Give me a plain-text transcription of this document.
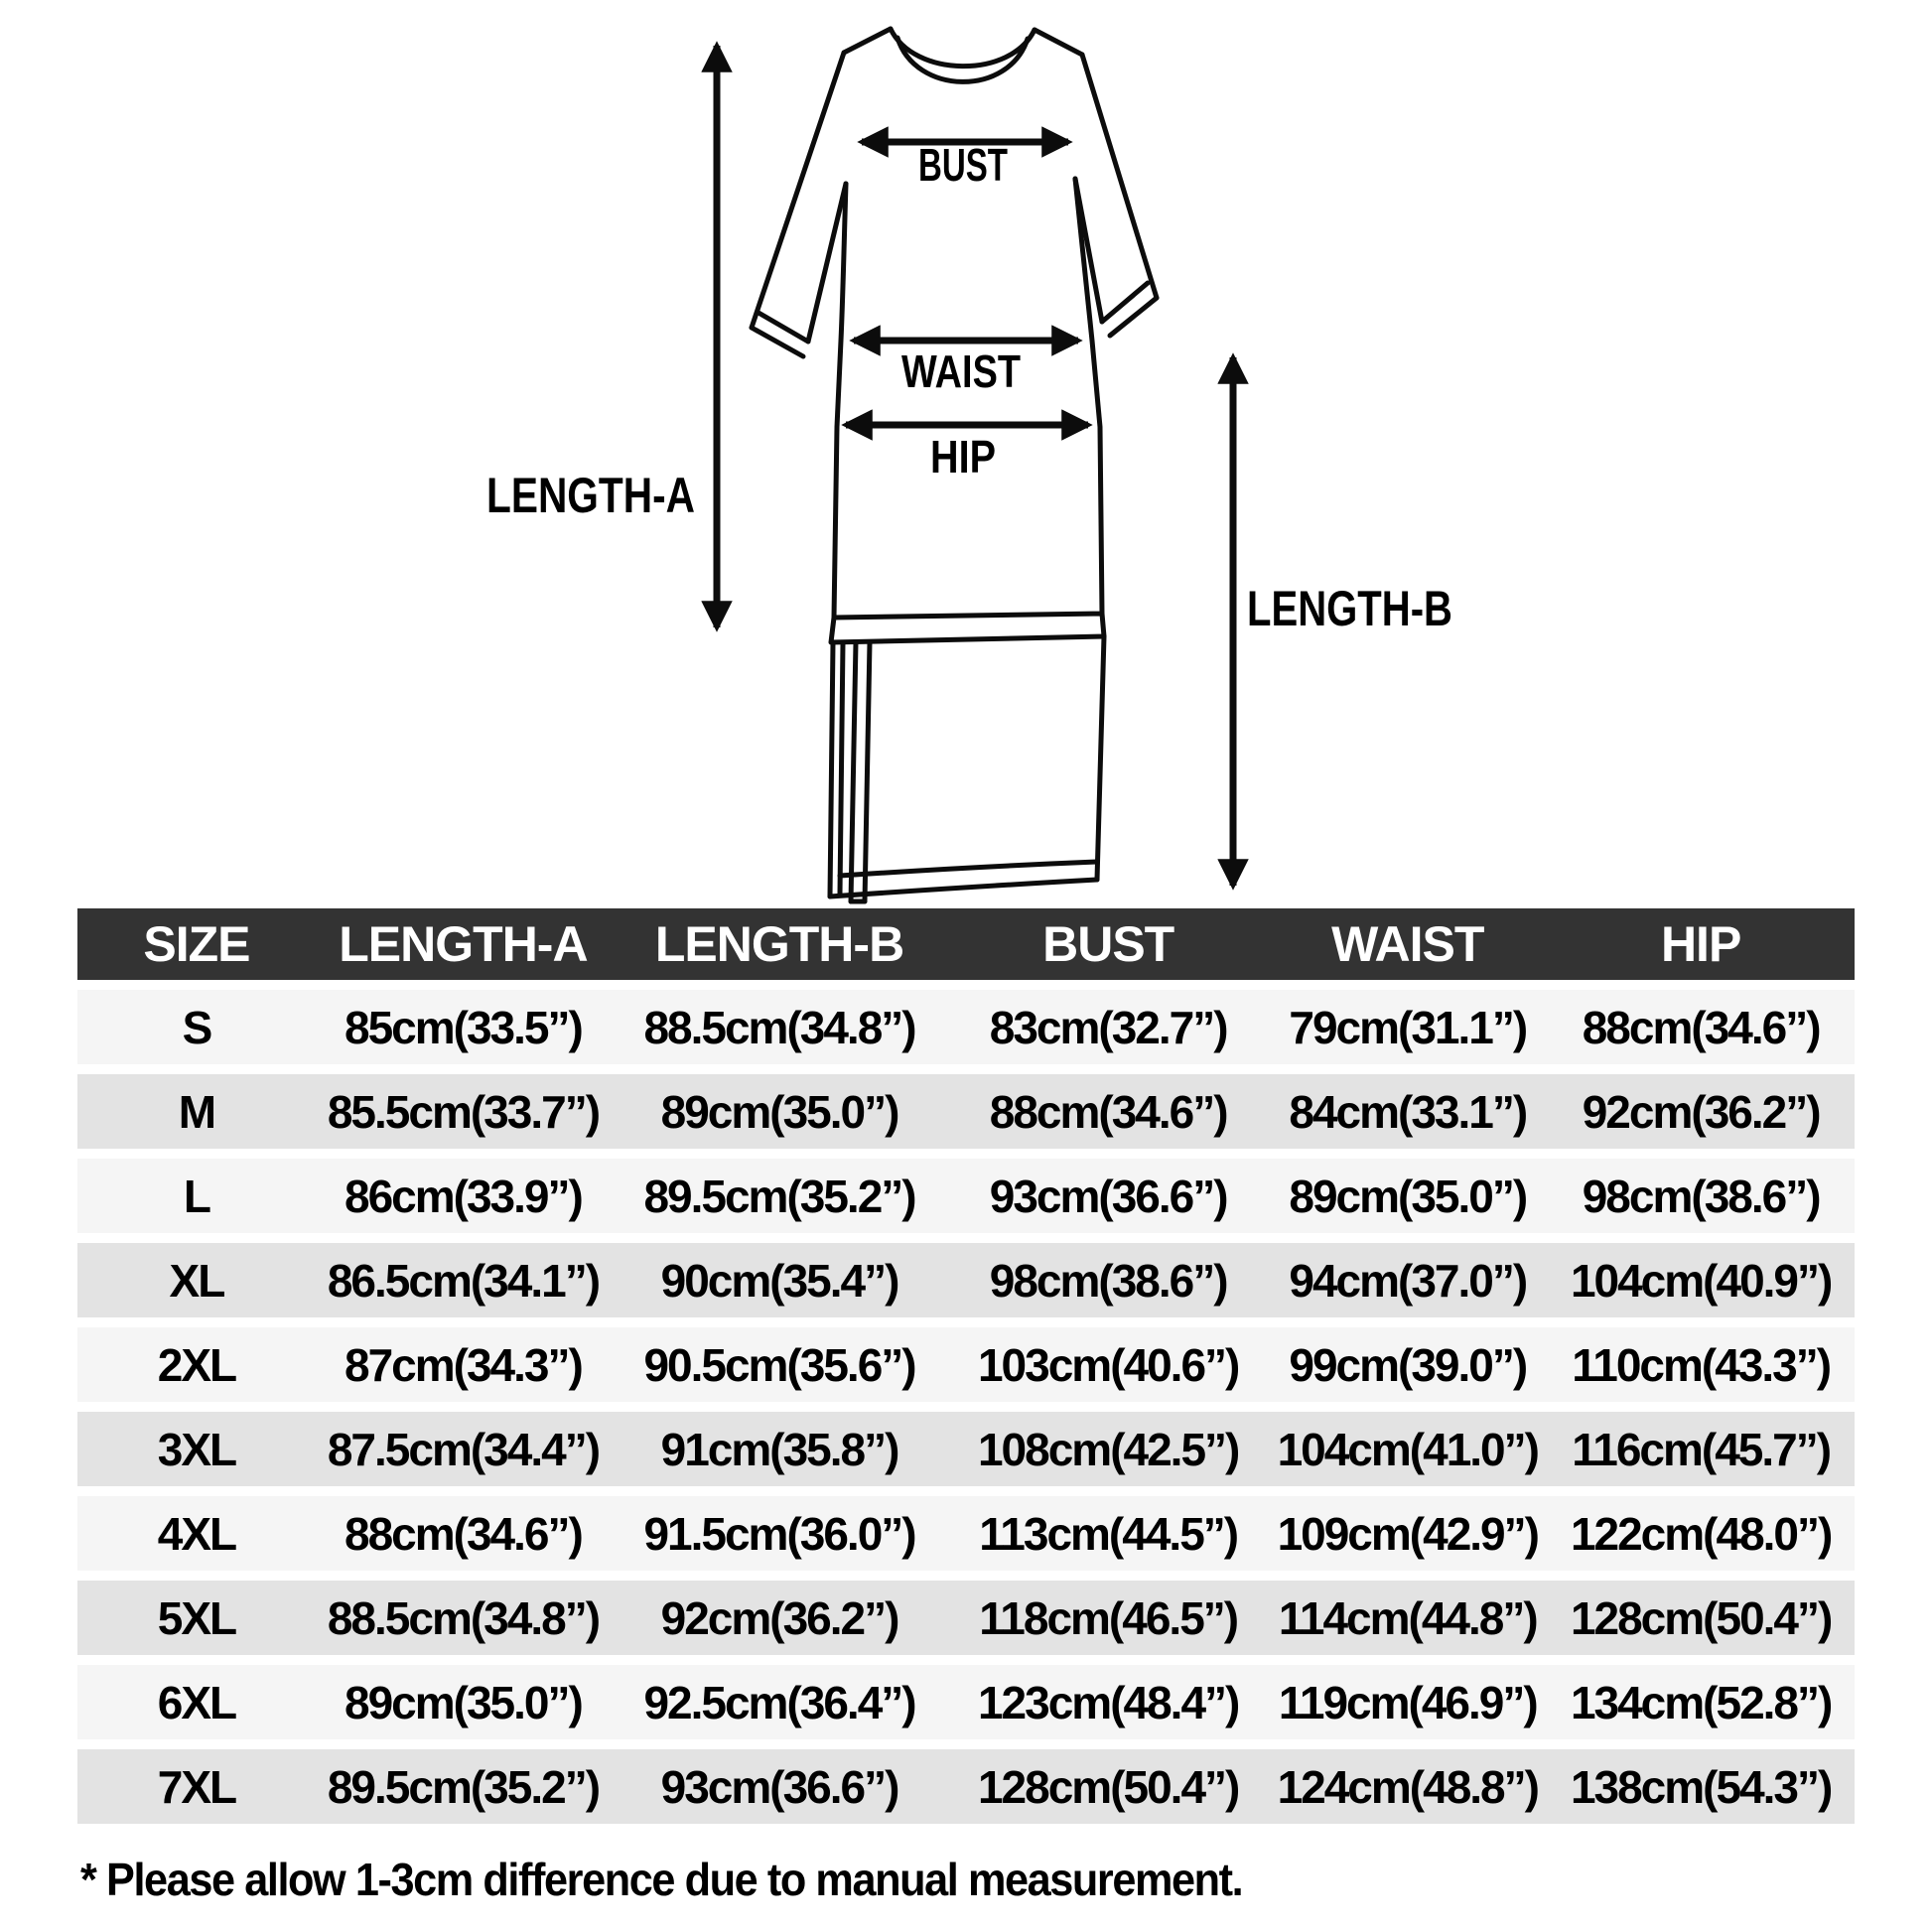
LENGTH-A
LENGTH-B
BUST
WAIST
HIP
SIZE	LENGTH-A	LENGTH-B	BUST	WAIST	HIP
S	85cm(33.5”)	88.5cm(34.8”)	83cm(32.7”)	79cm(31.1”)	88cm(34.6”)
M	85.5cm(33.7”)	89cm(35.0”)	88cm(34.6”)	84cm(33.1”)	92cm(36.2”)
L	86cm(33.9”)	89.5cm(35.2”)	93cm(36.6”)	89cm(35.0”)	98cm(38.6”)
XL	86.5cm(34.1”)	90cm(35.4”)	98cm(38.6”)	94cm(37.0”)	104cm(40.9”)
2XL	87cm(34.3”)	90.5cm(35.6”)	103cm(40.6”)	99cm(39.0”)	110cm(43.3”)
3XL	87.5cm(34.4”)	91cm(35.8”)	108cm(42.5”)	104cm(41.0”)	116cm(45.7”)
4XL	88cm(34.6”)	91.5cm(36.0”)	113cm(44.5”)	109cm(42.9”)	122cm(48.0”)
5XL	88.5cm(34.8”)	92cm(36.2”)	118cm(46.5”)	114cm(44.8”)	128cm(50.4”)
6XL	89cm(35.0”)	92.5cm(36.4”)	123cm(48.4”)	119cm(46.9”)	134cm(52.8”)
7XL	89.5cm(35.2”)	93cm(36.6”)	128cm(50.4”)	124cm(48.8”)	138cm(54.3”)
* Please allow 1-3cm difference due to manual measurement.
